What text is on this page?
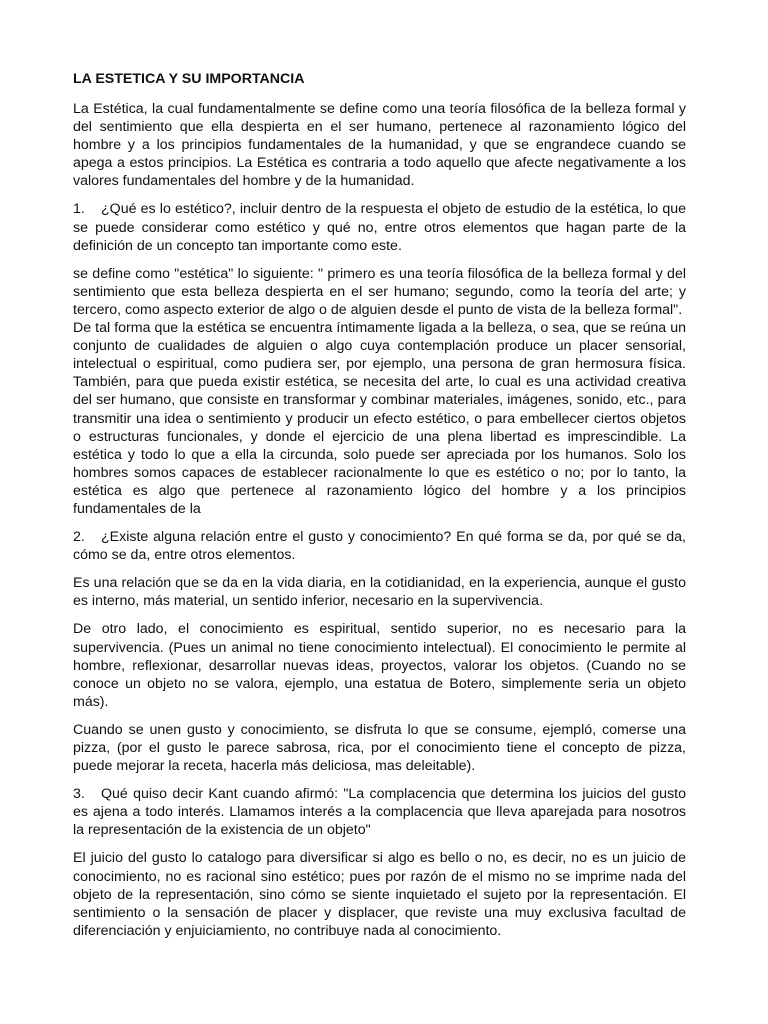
LA ESTETICA Y SU IMPORTANCIA

La Estética, la cual fundamentalmente se define como una teoría filosófica de la belleza formal y del sentimiento que ella despierta en el ser humano, pertenece al razonamiento lógico del hombre y a los principios fundamentales de la humanidad, y que se engrandece cuando se apega a estos principios. La Estética es contraria a todo aquello que afecte negativamente a los valores fundamentales del hombre y de la humanidad.

1. ¿Qué es lo estético?, incluir dentro de la respuesta el objeto de estudio de la estética, lo que se puede considerar como estético y qué no, entre otros elementos que hagan parte de la definición de un concepto tan importante como este.

se define como "estética" lo siguiente: " primero es una teoría filosófica de la belleza formal y del sentimiento que esta belleza despierta en el ser humano; segundo, como la teoría del arte; y tercero, como aspecto exterior de algo o de alguien desde el punto de vista de la belleza formal".

De tal forma que la estética se encuentra íntimamente ligada a la belleza, o sea, que se reúna un conjunto de cualidades de alguien o algo cuya contemplación produce un placer sensorial, intelectual o espiritual, como pudiera ser, por ejemplo, una persona de gran hermosura física. También, para que pueda existir estética, se necesita del arte, lo cual es una actividad creativa del ser humano, que consiste en transformar y combinar materiales, imágenes, sonido, etc., para transmitir una idea o sentimiento y producir un efecto estético, o para embellecer ciertos objetos o estructuras funcionales, y donde el ejercicio de una plena libertad es imprescindible. La estética y todo lo que a ella la circunda, solo puede ser apreciada por los humanos. Solo los hombres somos capaces de establecer racionalmente lo que es estético o no; por lo tanto, la estética es algo que pertenece al razonamiento lógico del hombre y a los principios fundamentales de la

2. ¿Existe alguna relación entre el gusto y conocimiento? En qué forma se da, por qué se da, cómo se da, entre otros elementos.

Es una relación que se da en la vida diaria, en la cotidianidad, en la experiencia, aunque el gusto es interno, más material, un sentido inferior, necesario en la supervivencia.

De otro lado, el conocimiento es espiritual, sentido superior, no es necesario para la supervivencia. (Pues un animal no tiene conocimiento intelectual). El conocimiento le permite al hombre, reflexionar, desarrollar nuevas ideas, proyectos, valorar los objetos. (Cuando no se conoce un objeto no se valora, ejemplo, una estatua de Botero, simplemente seria un objeto más).

Cuando se unen gusto y conocimiento, se disfruta lo que se consume, ejempló, comerse una pizza, (por el gusto le parece sabrosa, rica, por el conocimiento tiene el concepto de pizza, puede mejorar la receta, hacerla más deliciosa, mas deleitable).

3. Qué quiso decir Kant cuando afirmó: "La complacencia que determina los juicios del gusto es ajena a todo interés. Llamamos interés a la complacencia que lleva aparejada para nosotros la representación de la existencia de un objeto"

El juicio del gusto lo catalogo para diversificar si algo es bello o no, es decir, no es un juicio de conocimiento, no es racional sino estético; pues por razón de el mismo no se imprime nada del objeto de la representación, sino cómo se siente inquietado el sujeto por la representación. El sentimiento o la sensación de placer y displacer, que reviste una muy exclusiva facultad de diferenciación y enjuiciamiento, no contribuye nada al conocimiento.
